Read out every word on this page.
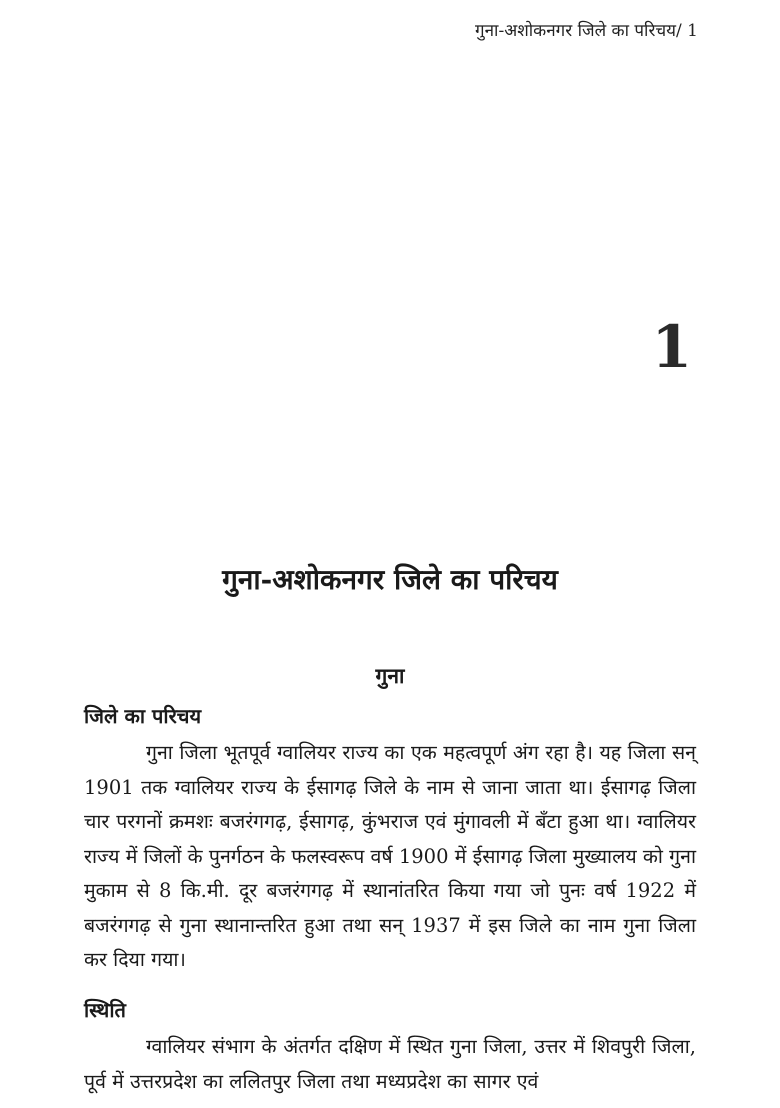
गुना-अशोकनगर जिले का परिचय/ 1
1
गुना-अशोकनगर जिले का परिचय
गुना
जिले का परिचय

गुना जिला भूतपूर्व ग्वालियर राज्य का एक महत्वपूर्ण अंग रहा है। यह जिला सन् 1901 तक ग्वालियर राज्य के ईसागढ़ जिले के नाम से जाना जाता था। ईसागढ़ जिला चार परगनों क्रमशः बजरंगगढ़, ईसागढ़, कुंभराज एवं मुंगावली में बँटा हुआ था। ग्वालियर राज्य में जिलों के पुनर्गठन के फलस्वरूप वर्ष 1900 में ईसागढ़ जिला मुख्यालय को गुना मुकाम से 8 कि.मी. दूर बजरंगगढ़ में स्थानांतरित किया गया जो पुनः वर्ष 1922 में बजरंगगढ़ से गुना स्थानान्तरित हुआ तथा सन् 1937 में इस जिले का नाम गुना जिला कर दिया गया।

स्थिति

ग्वालियर संभाग के अंतर्गत दक्षिण में स्थित गुना जिला, उत्तर में शिवपुरी जिला, पूर्व में उत्तरप्रदेश का ललितपुर जिला तथा मध्यप्रदेश का सागर एवं
